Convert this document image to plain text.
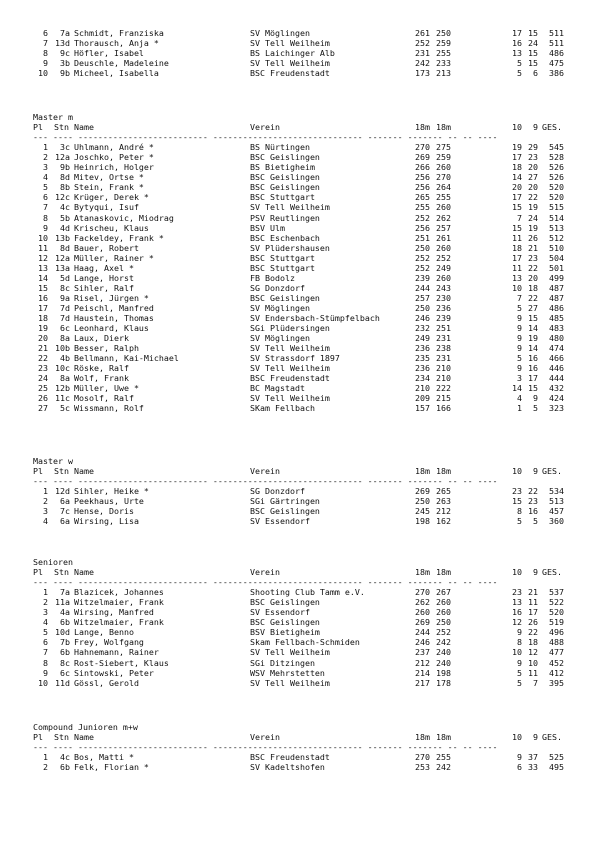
6	7a Schmidt, Franziska	SV Möglingen	261 250	17 15	511
7 13d Thorausch, Anja *	SV Tell Weilheim	252 259	16 24	511
8	9c Höfler, Isabel	BS Laichinger Alb	231 255	13 15	486
9	3b Deuschle, Madeleine	SV Tell Weilheim	242 233	5 15	475
10	9b Micheel, Isabella	BSC Freudenstadt	173 213	5	6	386
Master m
Pl Stn Name	Verein	18m 18m	10	9 GES.
--- ---- -------------------------- ------------------------------ ------- ------- -- -- ----
1	3c Uhlmann, André *	BS Nürtingen	270 275	19 29	545
2 12a Joschko, Peter *	BSC Geislingen	269 259	17 23	528
3	9b Heinrich, Holger	BS Bietigheim	266 260	18 20	526
4	8d Mitev, Ortse *	BSC Geislingen	256 270	14 27	526
5	8b Stein, Frank *	BSC Geislingen	256 264	20 20	520
6 12c Krüger, Derek *	BSC Stuttgart	265 255	17 22	520
7	4c Bytyqui, Isuf	SV Tell Weilheim	255 260	15 19	515
8	5b Atanaskovic, Miodrag	PSV Reutlingen	252 262	7 24	514
9	4d Krischeu, Klaus	BSV Ulm	256 257	15 19	513
10 13b Fackeldey, Frank *	BSC Eschenbach	251 261	11 26	512
11	8d Bauer, Robert	SV Plüdershausen	250 260	18 21	510
12 12a Müller, Rainer *	BSC Stuttgart	252 252	17 23	504
13 13a Haag, Axel *	BSC Stuttgart	252 249	11 22	501
14	5d Lange, Horst	FB Bodolz	239 260	13 20	499
15	8c Sihler, Ralf	SG Donzdorf	244 243	10 18	487
16	9a Risel, Jürgen *	BSC Geislingen	257 230	7 22	487
17	7d Peischl, Manfred	SV Möglingen	250 236	5 27	486
18	7d Haustein, Thomas	SV Endersbach-Stümpfelbach	246 239	9 15	485
19	6c Leonhard, Klaus	SGi Plüdersingen	232 251	9 14	483
20	8a Laux, Dierk	SV Möglingen	249 231	9 19	480
21 10b Besser, Ralph	SV Tell Weilheim	236 238	9 14	474
22	4b Bellmann, Kai-Michael	SV Strassdorf 1897	235 231	5 16	466
23 10c Röske, Ralf	SV Tell Weilheim	236 210	9 16	446
24	8a Wolf, Frank	BSC Freudenstadt	234 210	3 17	444
25 12b Müller, Uwe *	BC Magstadt	210 222	14 15	432
26 11c Mosolf, Ralf	SV Tell Weilheim	209 215	4	9	424
27	5c Wissmann, Rolf	SKam Fellbach	157 166	1	5	323
Master w
Pl Stn Name	Verein	18m 18m	10	9 GES.
--- ---- -------------------------- ------------------------------ ------- ------- -- -- ----
1 12d Sihler, Heike *	SG Donzdorf	269 265	23 22	534
2	6a Peekhaus, Urte	SGi Gärtringen	250 263	15 23	513
3	7c Hense, Doris	BSC Geislingen	245 212	8 16	457
4	6a Wirsing, Lisa	SV Essendorf	198 162	5	5	360
Senioren
Pl Stn Name	Verein	18m 18m	10	9 GES.
--- ---- -------------------------- ------------------------------ ------- ------- -- -- ----
1	7a Blazicek, Johannes	Shooting Club Tamm e.V.	270 267	23 21	537
2 11a Witzelmaier, Frank	BSC Geislingen	262 260	13 11	522
3	4a Wirsing, Manfred	SV Essendorf	260 260	16 17	520
4	6b Witzelmaier, Frank	BSC Geislingen	269 250	12 26	519
5 10d Lange, Benno	BSV Bietigheim	244 252	9 22	496
6	7b Frey, Wolfgang	Skam Fellbach-Schmiden	246 242	8 18	488
7	6b Hahnemann, Rainer	SV Tell Weilheim	237 240	10 12	477
8	8c Rost-Siebert, Klaus	SGi Ditzingen	212 240	9 10	452
9	6c Sintowski, Peter	WSV Mehrstetten	214 198	5 11	412
10 11d Gössl, Gerold	SV Tell Weilheim	217 178	5	7	395
Compound Junioren m+w
Pl Stn Name	Verein	18m 18m	10	9 GES.
--- ---- -------------------------- ------------------------------ ------- ------- -- -- ----
1	4c Bos, Matti *	BSC Freudenstadt	270 255	9 37	525
2	6b Felk, Florian *	SV Kadeltshofen	253 242	6 33	495
